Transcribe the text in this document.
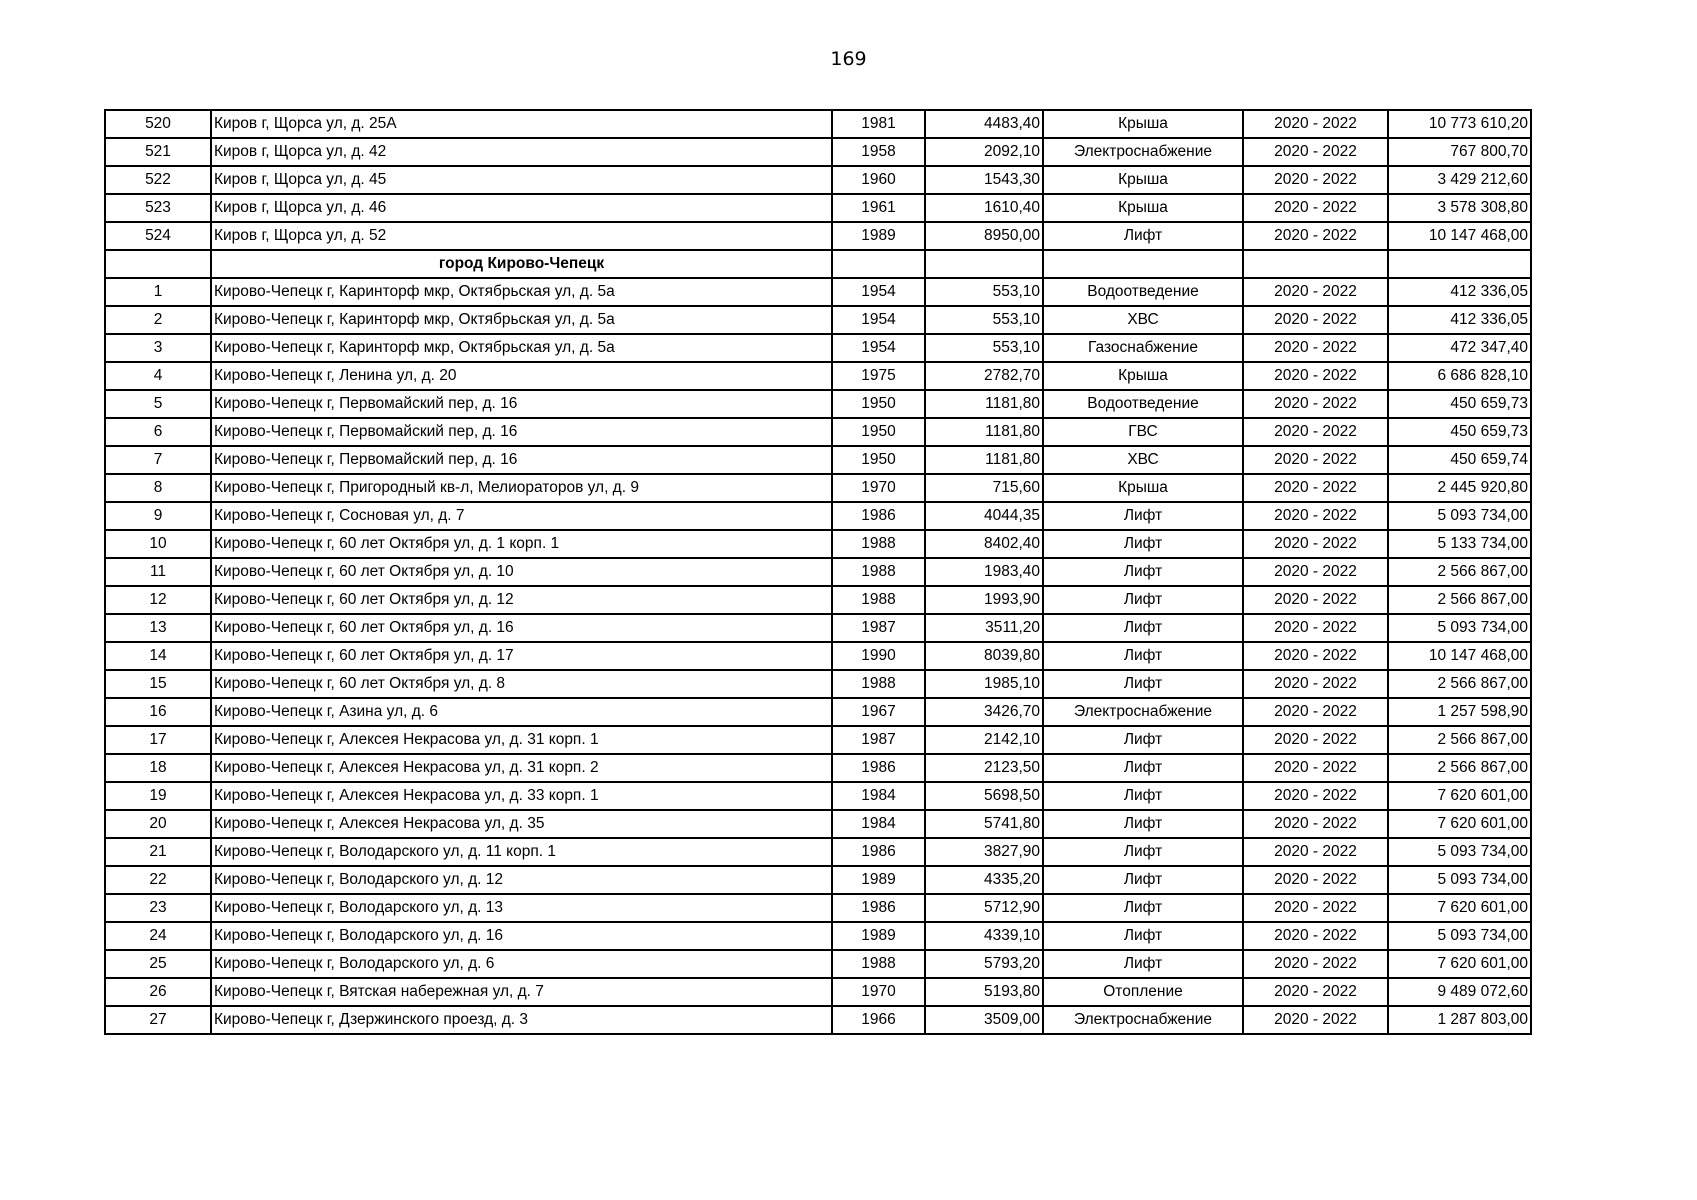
169
520	Киров г, Щорса ул, д. 25А	1981	4483,40	Крыша	2020 - 2022	10 773 610,20
521	Киров г, Щорса ул, д. 42	1958	2092,10	Электроснабжение	2020 - 2022	767 800,70
522	Киров г, Щорса ул, д. 45	1960	1543,30	Крыша	2020 - 2022	3 429 212,60
523	Киров г, Щорса ул, д. 46	1961	1610,40	Крыша	2020 - 2022	3 578 308,80
524	Киров г, Щорса ул, д. 52	1989	8950,00	Лифт	2020 - 2022	10 147 468,00
	город Кирово-Чепецк					
1	Кирово-Чепецк г, Каринторф мкр, Октябрьская ул, д. 5а	1954	553,10	Водоотведение	2020 - 2022	412 336,05
2	Кирово-Чепецк г, Каринторф мкр, Октябрьская ул, д. 5а	1954	553,10	ХВС	2020 - 2022	412 336,05
3	Кирово-Чепецк г, Каринторф мкр, Октябрьская ул, д. 5а	1954	553,10	Газоснабжение	2020 - 2022	472 347,40
4	Кирово-Чепецк г, Ленина ул, д. 20	1975	2782,70	Крыша	2020 - 2022	6 686 828,10
5	Кирово-Чепецк г, Первомайский пер, д. 16	1950	1181,80	Водоотведение	2020 - 2022	450 659,73
6	Кирово-Чепецк г, Первомайский пер, д. 16	1950	1181,80	ГВС	2020 - 2022	450 659,73
7	Кирово-Чепецк г, Первомайский пер, д. 16	1950	1181,80	ХВС	2020 - 2022	450 659,74
8	Кирово-Чепецк г, Пригородный кв-л, Мелиораторов ул, д. 9	1970	715,60	Крыша	2020 - 2022	2 445 920,80
9	Кирово-Чепецк г, Сосновая ул, д. 7	1986	4044,35	Лифт	2020 - 2022	5 093 734,00
10	Кирово-Чепецк г, 60 лет Октября ул, д. 1 корп. 1	1988	8402,40	Лифт	2020 - 2022	5 133 734,00
11	Кирово-Чепецк г, 60 лет Октября ул, д. 10	1988	1983,40	Лифт	2020 - 2022	2 566 867,00
12	Кирово-Чепецк г, 60 лет Октября ул, д. 12	1988	1993,90	Лифт	2020 - 2022	2 566 867,00
13	Кирово-Чепецк г, 60 лет Октября ул, д. 16	1987	3511,20	Лифт	2020 - 2022	5 093 734,00
14	Кирово-Чепецк г, 60 лет Октября ул, д. 17	1990	8039,80	Лифт	2020 - 2022	10 147 468,00
15	Кирово-Чепецк г, 60 лет Октября ул, д. 8	1988	1985,10	Лифт	2020 - 2022	2 566 867,00
16	Кирово-Чепецк г, Азина ул, д. 6	1967	3426,70	Электроснабжение	2020 - 2022	1 257 598,90
17	Кирово-Чепецк г, Алексея Некрасова ул, д. 31 корп. 1	1987	2142,10	Лифт	2020 - 2022	2 566 867,00
18	Кирово-Чепецк г, Алексея Некрасова ул, д. 31 корп. 2	1986	2123,50	Лифт	2020 - 2022	2 566 867,00
19	Кирово-Чепецк г, Алексея Некрасова ул, д. 33 корп. 1	1984	5698,50	Лифт	2020 - 2022	7 620 601,00
20	Кирово-Чепецк г, Алексея Некрасова ул, д. 35	1984	5741,80	Лифт	2020 - 2022	7 620 601,00
21	Кирово-Чепецк г, Володарского ул, д. 11 корп. 1	1986	3827,90	Лифт	2020 - 2022	5 093 734,00
22	Кирово-Чепецк г, Володарского ул, д. 12	1989	4335,20	Лифт	2020 - 2022	5 093 734,00
23	Кирово-Чепецк г, Володарского ул, д. 13	1986	5712,90	Лифт	2020 - 2022	7 620 601,00
24	Кирово-Чепецк г, Володарского ул, д. 16	1989	4339,10	Лифт	2020 - 2022	5 093 734,00
25	Кирово-Чепецк г, Володарского ул, д. 6	1988	5793,20	Лифт	2020 - 2022	7 620 601,00
26	Кирово-Чепецк г, Вятская набережная ул, д. 7	1970	5193,80	Отопление	2020 - 2022	9 489 072,60
27	Кирово-Чепецк г, Дзержинского проезд, д. 3	1966	3509,00	Электроснабжение	2020 - 2022	1 287 803,00
